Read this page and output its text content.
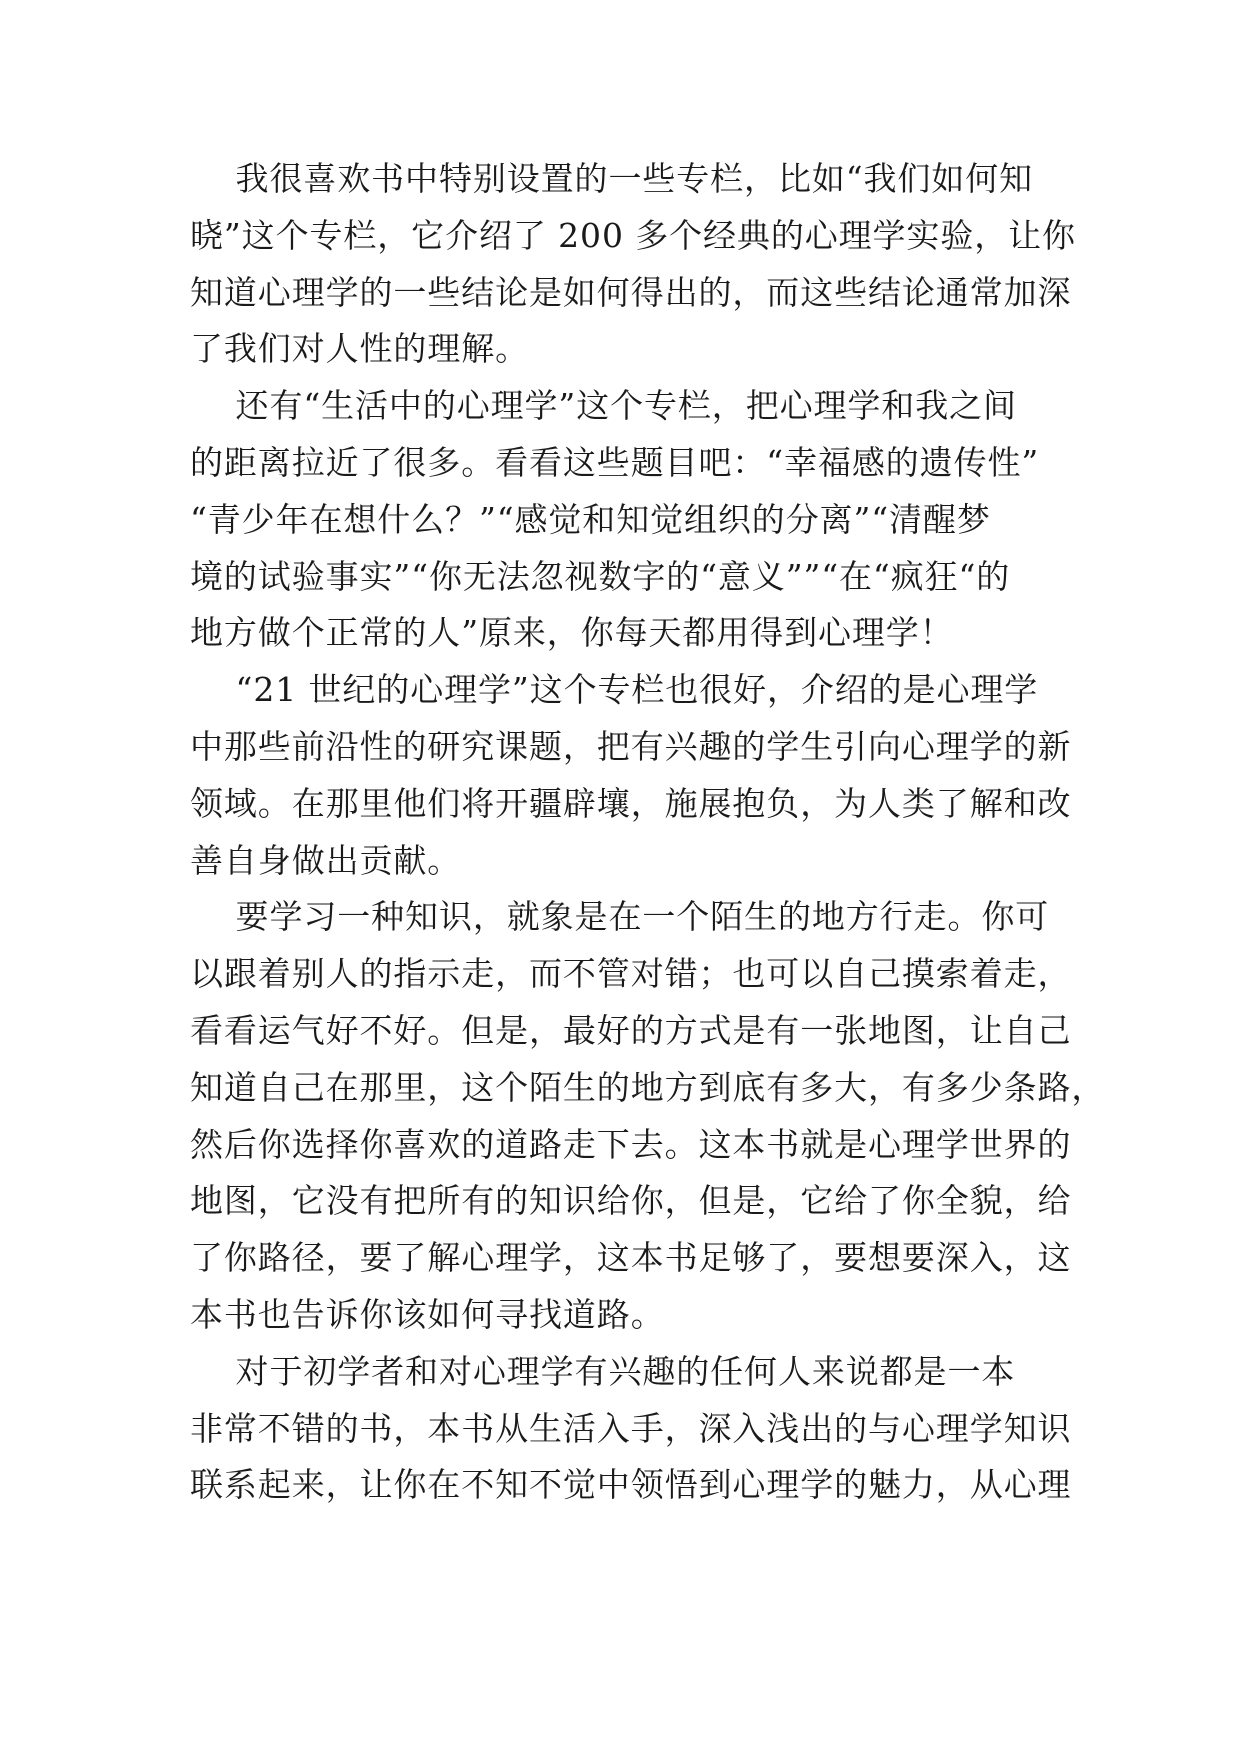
我很喜欢书中特别设置的一些专栏，比如“我们如何知
晓”这个专栏，它介绍了 200 多个经典的心理学实验，让你
知道心理学的一些结论是如何得出的，而这些结论通常加深
了我们对人性的理解。
还有“生活中的心理学”这个专栏，把心理学和我之间
的距离拉近了很多。看看这些题目吧：“幸福感的遗传性”
“青少年在想什么？”“感觉和知觉组织的分离”“清醒梦
境的试验事实”“你无法忽视数字的“意义””“在“疯狂“的
地方做个正常的人”原来，你每天都用得到心理学！
“21 世纪的心理学”这个专栏也很好，介绍的是心理学
中那些前沿性的研究课题，把有兴趣的学生引向心理学的新
领域。在那里他们将开疆辟壤，施展抱负，为人类了解和改
善自身做出贡献。
要学习一种知识，就象是在一个陌生的地方行走。你可
以跟着别人的指示走，而不管对错；也可以自己摸索着走，
看看运气好不好。但是，最好的方式是有一张地图，让自己
知道自己在那里，这个陌生的地方到底有多大，有多少条路，
然后你选择你喜欢的道路走下去。这本书就是心理学世界的
地图，它没有把所有的知识给你，但是，它给了你全貌，给
了你路径，要了解心理学，这本书足够了，要想要深入，这
本书也告诉你该如何寻找道路。
对于初学者和对心理学有兴趣的任何人来说都是一本
非常不错的书，本书从生活入手，深入浅出的与心理学知识
联系起来，让你在不知不觉中领悟到心理学的魅力，从心理
